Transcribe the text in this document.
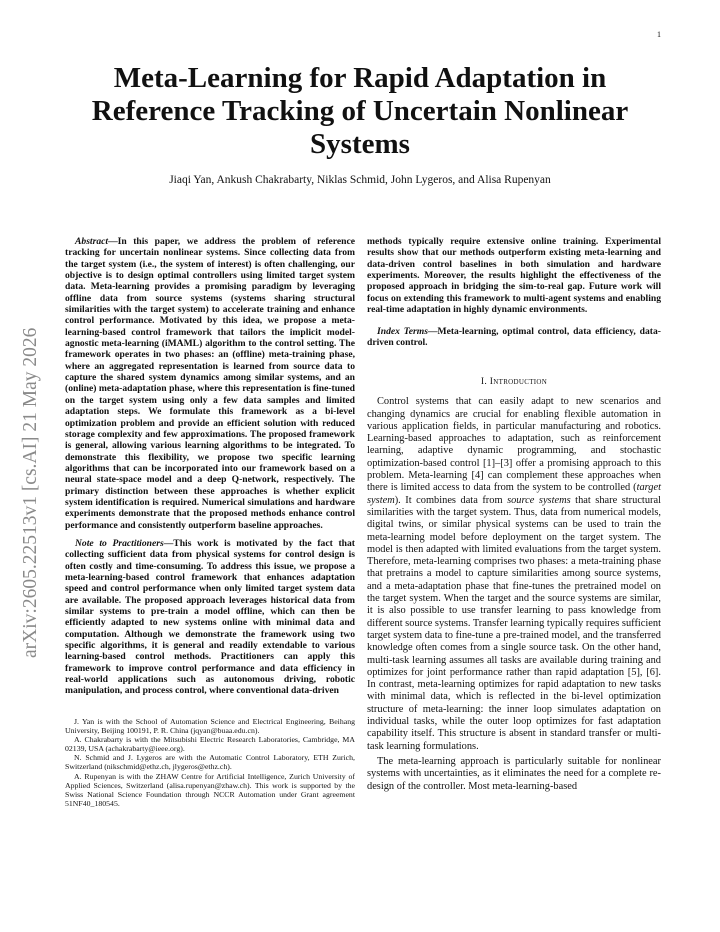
1
arXiv:2605.22513v1 [cs.AI] 21 May 2026
Meta-Learning for Rapid Adaptation in Reference Tracking of Uncertain Nonlinear Systems
Jiaqi Yan, Ankush Chakrabarty, Niklas Schmid, John Lygeros, and Alisa Rupenyan

Abstract—In this paper, we address the problem of reference tracking for uncertain nonlinear systems. Since collecting data from the target system (i.e., the system of interest) is often challenging, our objective is to design optimal controllers using limited target system data. Meta-learning provides a promising paradigm by leveraging offline data from source systems (systems sharing structural similarities with the target system) to accelerate training and enhance control performance. Motivated by this idea, we propose a meta-learning-based control framework that tailors the implicit model-agnostic meta-learning (iMAML) algorithm to the control setting. The framework operates in two phases: an (offline) meta-training phase, where an aggregated representation is learned from source data to capture the shared system dynamics among similar systems, and an (online) meta-adaptation phase, where this representation is fine-tuned on the target system using only a few data samples and limited adaptation steps. We formulate this framework as a bi-level optimization problem and provide an efficient solution with reduced storage complexity and few approximations. The proposed framework is general, allowing various learning algorithms to be integrated. To demonstrate this flexibility, we propose two specific learning algorithms that can be incorporated into our framework based on a neural state-space model and a deep Q-network, respectively. The primary distinction between these approaches is whether explicit system identification is required. Numerical simulations and hardware experiments demonstrate that the proposed methods enhance control performance and consistently outperform baseline approaches.

Note to Practitioners—This work is motivated by the fact that collecting sufficient data from physical systems for control design is often costly and time-consuming. To address this issue, we propose a meta-learning-based control framework that enhances adaptation speed and control performance when only limited target system data are available. The proposed approach leverages historical data from similar systems to pre-train a model offline, which can then be efficiently adapted to new systems online with minimal data and computation. Although we demonstrate the framework using two specific algorithms, it is general and readily extendable to various learning-based control methods. Practitioners can apply this framework to improve control performance and data efficiency in real-world applications such as autonomous driving, robotic manipulation, and process control, where conventional data-driven

J. Yan is with the School of Automation Science and Electrical Engineering, Beihang University, Beijing 100191, P. R. China (jqyan@buaa.edu.cn).

A. Chakrabarty is with the Mitsubishi Electric Research Laboratories, Cambridge, MA 02139, USA (achakrabarty@ieee.org).

N. Schmid and J. Lygeros are with the Automatic Control Laboratory, ETH Zurich, Switzerland (nikschmid@ethz.ch, jlygeros@ethz.ch).

A. Rupenyan is with the ZHAW Centre for Artificial Intelligence, Zurich University of Applied Sciences, Switzerland (alisa.rupenyan@zhaw.ch). This work is supported by the Swiss National Science Foundation through NCCR Automation under Grant agreement 51NF40_180545.

methods typically require extensive online training. Experimental results show that our methods outperform existing meta-learning and data-driven control baselines in both simulation and hardware experiments. Moreover, the results highlight the effectiveness of the proposed approach in bridging the sim-to-real gap. Future work will focus on extending this framework to multi-agent systems and enabling real-time adaptation in highly dynamic environments.

Index Terms—Meta-learning, optimal control, data efficiency, data-driven control.

I. Introduction

Control systems that can easily adapt to new scenarios and changing dynamics are crucial for enabling flexible automation in various application fields, in particular manufacturing and robotics. Learning-based approaches to adaptation, such as reinforcement learning, adaptive dynamic programming, and stochastic optimization-based control [1]–[3] offer a promising approach to this problem. Meta-learning [4] can complement these approaches when there is limited access to data from the system to be controlled (target system). It combines data from source systems that share structural similarities with the target system. Thus, data from numerical models, digital twins, or similar physical systems can be used to train the meta-learning model before deployment on the target system. The model is then adapted with limited evaluations from the target system. Therefore, meta-learning comprises two phases: a meta-training phase that pretrains a model to capture similarities among source systems, and a meta-adaptation phase that fine-tunes the pretrained model on the target system. When the target and the source systems are similar, it is also possible to use transfer learning to pass knowledge from different source systems. Transfer learning typically requires sufficient target system data to fine-tune a pre-trained model, and the transferred knowledge often comes from a single source task. On the other hand, multi-task learning assumes all tasks are available during training and optimizes for joint performance rather than rapid adaptation [5], [6]. In contrast, meta-learning optimizes for rapid adaptation to new tasks with minimal data, which is reflected in the bi-level optimization structure of meta-learning: the inner loop simulates adaptation on individual tasks, while the outer loop optimizes for fast adaptation capability itself. This structure is absent in standard transfer or multi-task learning formulations.

The meta-learning approach is particularly suitable for nonlinear systems with uncertainties, as it eliminates the need for a complete re-design of the controller. Most meta-learning-based
